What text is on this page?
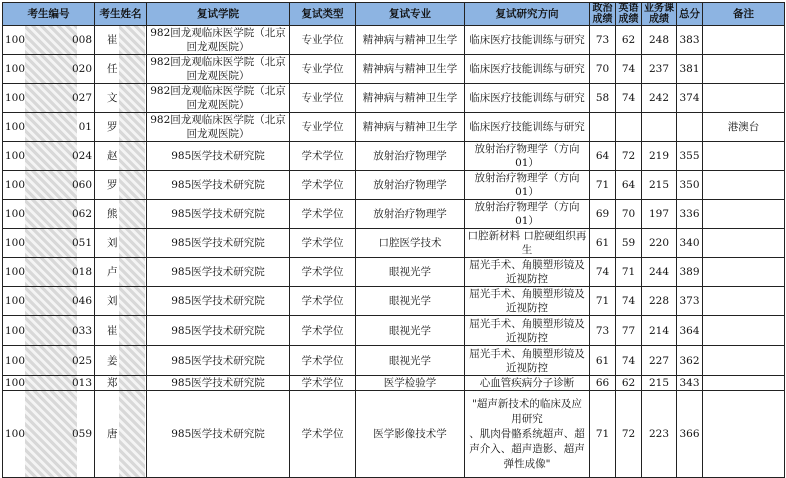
考生编号	考生姓名	复试学院	复试类型	复试专业	复试研究方向	政治成绩	英语成绩	业务课成绩	总分	备注

100 008	崔	982回龙观临床医学院（北京回龙观医院）	专业学位	精神病与精神卫生学	临床医疗技能训练与研究	73	62	248	383	

100 020	任	982回龙观临床医学院（北京回龙观医院）	专业学位	精神病与精神卫生学	临床医疗技能训练与研究	70	74	237	381	

100 027	文	982回龙观临床医学院（北京回龙观医院）	专业学位	精神病与精神卫生学	临床医疗技能训练与研究	58	74	242	374	

100 01	罗	982回龙观临床医学院（北京回龙观医院）	专业学位	精神病与精神卫生学	临床医疗技能训练与研究					港澳台

100 024	赵	985医学技术研究院	学术学位	放射治疗物理学	放射治疗物理学（方向01）	64	72	219	355	

100 060	罗	985医学技术研究院	学术学位	放射治疗物理学	放射治疗物理学（方向01）	71	64	215	350	

100 062	熊	985医学技术研究院	学术学位	放射治疗物理学	放射治疗物理学（方向01）	69	70	197	336	

100 051	刘	985医学技术研究院	学术学位	口腔医学技术	口腔新材料 口腔硬组织再生	61	59	220	340	

100 018	卢	985医学技术研究院	学术学位	眼视光学	屈光手术、角膜塑形镜及近视防控	74	71	244	389	

100 046	刘	985医学技术研究院	学术学位	眼视光学	屈光手术、角膜塑形镜及近视防控	71	74	228	373	

100 033	崔	985医学技术研究院	学术学位	眼视光学	屈光手术、角膜塑形镜及近视防控	73	77	214	364	

100 025	姜	985医学技术研究院	学术学位	眼视光学	屈光手术、角膜塑形镜及近视防控	61	74	227	362	

100 013	郑	985医学技术研究院	学术学位	医学检验学	心血管疾病分子诊断	66	62	215	343	

100 059	唐	985医学技术研究院	学术学位	医学影像技术学	"超声新技术的临床及应用研究
、肌肉骨骼系统超声、超声介入、超声造影、超声弹性成像"	71	72	223	366	
